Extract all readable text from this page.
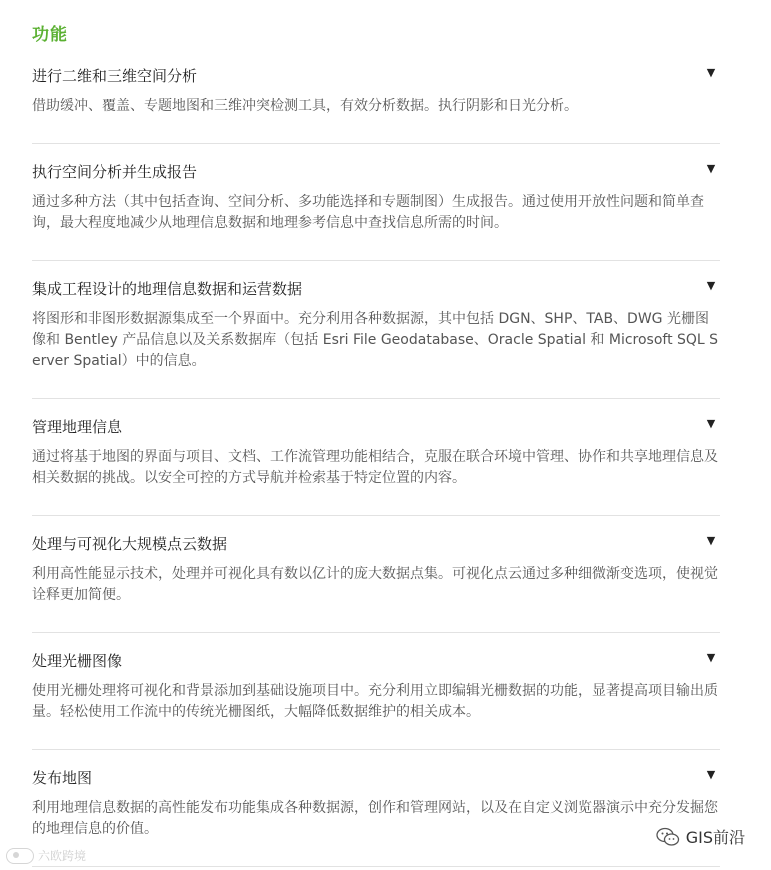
功能
进行二维和三维空间分析	▼
借助缓冲、覆盖、专题地图和三维冲突检测工具，有效分析数据。执行阴影和日光分析。
执行空间分析并生成报告	▼
通过多种方法（其中包括查询、空间分析、多功能选择和专题制图）生成报告。通过使用开放性问题和简单查询，最大程度地减少从地理信息数据和地理参考信息中查找信息所需的时间。
集成工程设计的地理信息数据和运营数据	▼
将图形和非图形数据源集成至一个界面中。充分利用各种数据源，其中包括 DGN、SHP、TAB、DWG 光栅图像和 Bentley 产品信息以及关系数据库（包括 Esri File Geodatabase、Oracle Spatial 和 Microsoft SQL Server Spatial）中的信息。
管理地理信息	▼
通过将基于地图的界面与项目、文档、工作流管理功能相结合，克服在联合环境中管理、协作和共享地理信息及相关数据的挑战。以安全可控的方式导航并检索基于特定位置的内容。
处理与可视化大规模点云数据	▼
利用高性能显示技术，处理并可视化具有数以亿计的庞大数据点集。可视化点云通过多种细微渐变选项，使视觉诠释更加简便。
处理光栅图像	▼
使用光栅处理将可视化和背景添加到基础设施项目中。充分利用立即编辑光栅数据的功能，显著提高项目输出质量。轻松使用工作流中的传统光栅图纸，大幅降低数据维护的相关成本。
发布地图	▼
利用地理信息数据的高性能发布功能集成各种数据源，创作和管理网站，以及在自定义浏览器演示中充分发掘您的地理信息的价值。
六欧跨境
GIS前沿
